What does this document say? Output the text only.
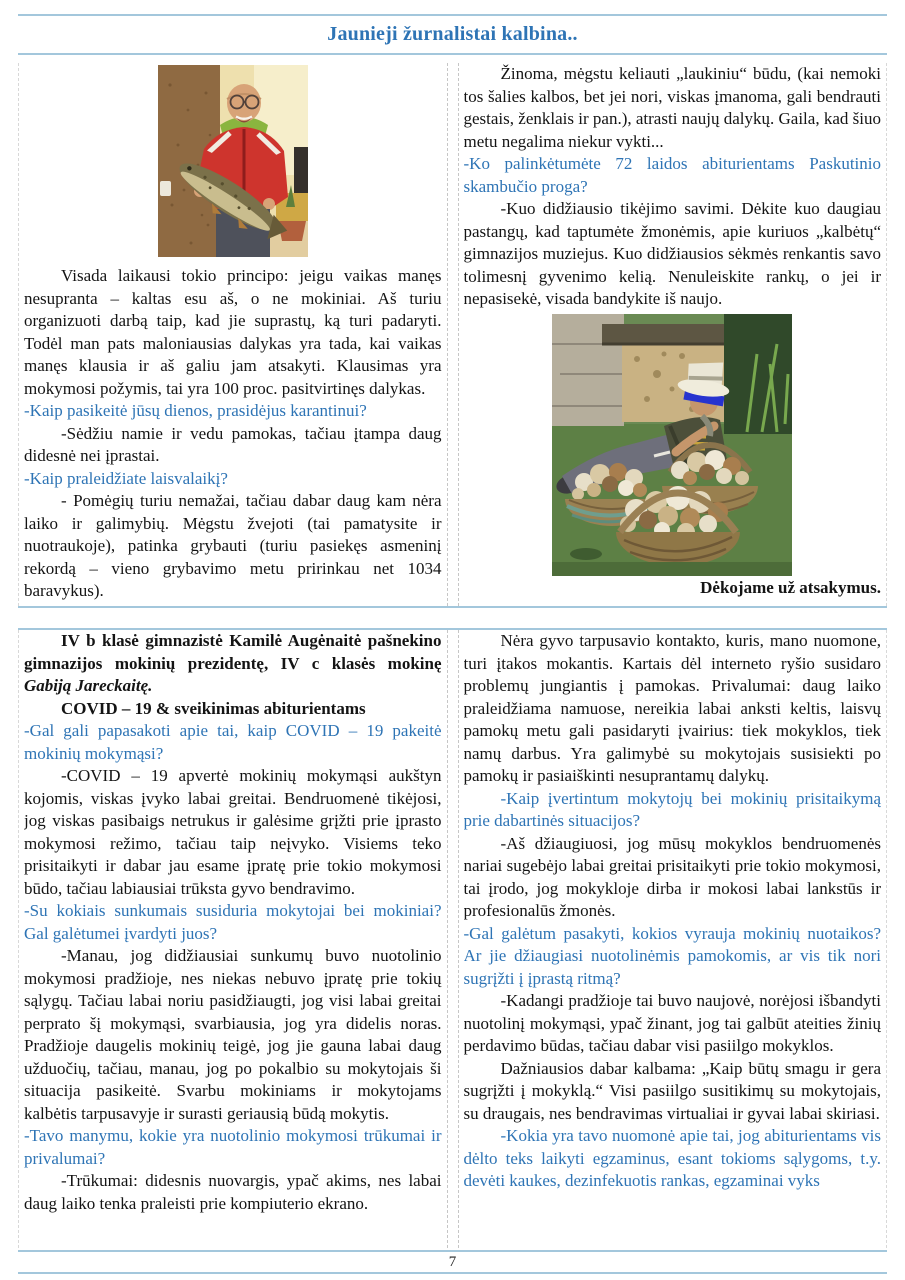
Jaunieji žurnalistai kalbina..

Visada laikausi tokio principo: jeigu vaikas manęs nesupranta – kaltas esu aš, o ne mokiniai. Aš turiu organizuoti darbą taip, kad jie suprastų, ką turi padaryti. Todėl man pats maloniausias dalykas yra tada, kai vaikas manęs klausia ir aš galiu jam atsakyti. Klausimas yra mokymosi požymis, tai yra 100 proc. pasitvirtinęs dalykas.

-Kaip pasikeitė jūsų dienos, prasidėjus karantinui?

-Sėdžiu namie ir vedu pamokas, tačiau įtampa daug didesnė nei įprastai.

-Kaip praleidžiate laisvalaikį?

- Pomėgių turiu nemažai, tačiau dabar daug kam nėra laiko ir galimybių. Mėgstu žvejoti (tai pamatysite ir nuotraukoje), patinka grybauti (turiu pasiekęs asmeninį rekordą – vieno grybavimo metu pririnkau net 1034 baravykus).

Žinoma, mėgstu keliauti „laukiniu“ būdu, (kai nemoki tos šalies kalbos, bet jei nori, viskas įmanoma, gali bendrauti gestais, ženklais ir pan.), atrasti naujų dalykų. Gaila, kad šiuo metu negalima niekur vykti...

-Ko palinkėtumėte 72 laidos abiturientams Paskutinio skambučio proga?

-Kuo didžiausio tikėjimo savimi. Dėkite kuo daugiau pastangų, kad taptumėte žmonėmis, apie kuriuos „kalbėtų“ gimnazijos muziejus. Kuo didžiausios sėkmės renkantis savo tolimesnį gyvenimo kelią. Nenuleiskite rankų, o jei ir nepasisekė, visada bandykite iš naujo.

Dėkojame už atsakymus.

IV b klasė gimnazistė Kamilė Augėnaitė pašnekino gimnazijos mokinių prezidentę, IV c klasės mokinę Gabiją Jareckaitę.

COVID – 19 & sveikinimas abiturientams

-Gal gali papasakoti apie tai, kaip COVID – 19 pakeitė mokinių mokymąsi?

-COVID – 19 apvertė mokinių mokymąsi aukštyn kojomis, viskas įvyko labai greitai. Bendruomenė tikėjosi, jog viskas pasibaigs netrukus ir galėsime grįžti prie įprasto mokymosi režimo, tačiau taip neįvyko. Visiems teko prisitaikyti ir dabar jau esame įpratę prie tokio mokymosi būdo, tačiau labiausiai trūksta gyvo bendravimo.

-Su kokiais sunkumais susiduria mokytojai bei mokiniai? Gal galėtumei įvardyti juos?

-Manau, jog didžiausiai sunkumų buvo nuotolinio mokymosi pradžioje, nes niekas nebuvo įpratę prie tokių sąlygų. Tačiau labai noriu pasidžiaugti, jog visi labai greitai perprato šį mokymąsi, svarbiausia, jog yra didelis noras. Pradžioje daugelis mokinių teigė, jog jie gauna labai daug užduočių, tačiau, manau, jog po pokalbio su mokytojais ši situacija pasikeitė. Svarbu mokiniams ir mokytojams kalbėtis tarpusavyje ir surasti geriausią būdą mokytis.

-Tavo manymu, kokie yra nuotolinio mokymosi trūkumai ir privalumai?

-Trūkumai: didesnis nuovargis, ypač akims, nes labai daug laiko tenka praleisti prie kompiuterio ekrano.

Nėra gyvo tarpusavio kontakto, kuris, mano nuomone, turi įtakos mokantis. Kartais dėl interneto ryšio susidaro problemų jungiantis į pamokas. Privalumai: daug laiko praleidžiama namuose, nereikia labai anksti keltis, laisvų pamokų metu gali pasidaryti įvairius: tiek mokyklos, tiek namų darbus. Yra galimybė su mokytojais susisiekti po pamokų ir pasiaiškinti nesuprantamų dalykų.

-Kaip įvertintum mokytojų bei mokinių prisitaikymą prie dabartinės situacijos?

-Aš džiaugiuosi, jog mūsų mokyklos bendruomenės nariai sugebėjo labai greitai prisitaikyti prie tokio mokymosi, tai įrodo, jog mokykloje dirba ir mokosi labai lankstūs ir profesionalūs žmonės.

-Gal galėtum pasakyti, kokios vyrauja mokinių nuotaikos? Ar jie džiaugiasi nuotolinėmis pamokomis, ar vis tik nori sugrįžti į įprastą ritmą?

-Kadangi pradžioje tai buvo naujovė, norėjosi išbandyti nuotolinį mokymąsi, ypač žinant, jog tai galbūt ateities žinių perdavimo būdas, tačiau dabar visi pasiilgo mokyklos.

Dažniausios dabar kalbama: „Kaip būtų smagu ir gera sugrįžti į mokyklą.“ Visi pasiilgo susitikimų su mokytojais, su draugais, nes bendravimas virtualiai ir gyvai labai skiriasi.

-Kokia yra tavo nuomonė apie tai, jog abiturientams vis dėlto teks laikyti egzaminus, esant tokioms sąlygoms, t.y. devėti kaukes, dezinfekuotis rankas, egzaminai vyks

7
